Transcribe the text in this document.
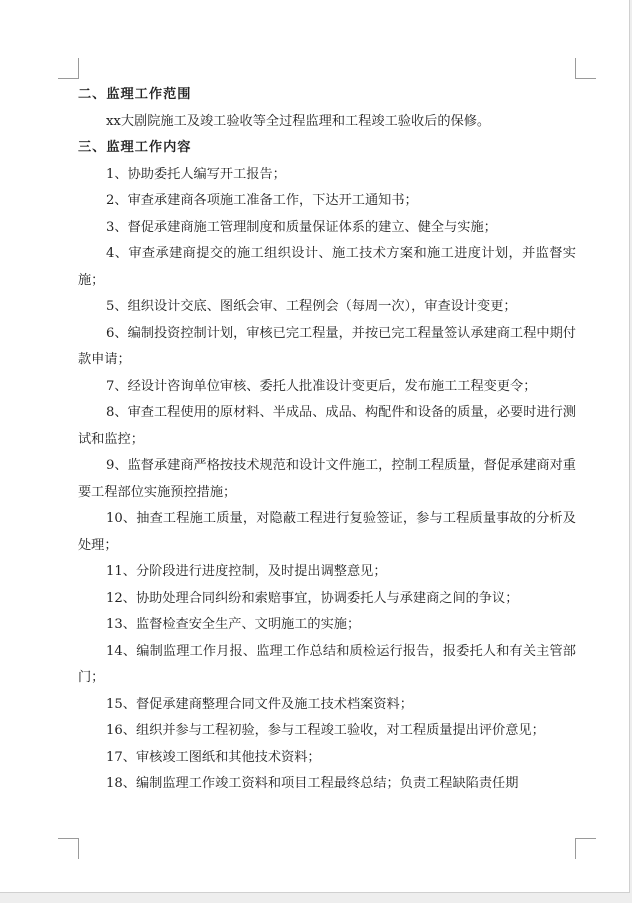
二、监理工作范围

xx大剧院施工及竣工验收等全过程监理和工程竣工验收后的保修。

三、监理工作内容

1、协助委托人编写开工报告；

2、审查承建商各项施工准备工作，下达开工通知书；

3、督促承建商施工管理制度和质量保证体系的建立、健全与实施；

4、审查承建商提交的施工组织设计、施工技术方案和施工进度计划，并监督实施；

5、组织设计交底、图纸会审、工程例会（每周一次），审查设计变更；

6、编制投资控制计划，审核已完工程量，并按已完工程量签认承建商工程中期付款申请；

7、经设计咨询单位审核、委托人批准设计变更后，发布施工工程变更令；

8、审查工程使用的原材料、半成品、成品、构配件和设备的质量，必要时进行测试和监控；

9、监督承建商严格按技术规范和设计文件施工，控制工程质量，督促承建商对重要工程部位实施预控措施；

10、抽查工程施工质量，对隐蔽工程进行复验签证，参与工程质量事故的分析及处理；

11、分阶段进行进度控制，及时提出调整意见；

12、协助处理合同纠纷和索赔事宜，协调委托人与承建商之间的争议；

13、监督检查安全生产、文明施工的实施；

14、编制监理工作月报、监理工作总结和质检运行报告，报委托人和有关主管部门；

15、督促承建商整理合同文件及施工技术档案资料；

16、组织并参与工程初验，参与工程竣工验收，对工程质量提出评价意见；

17、审核竣工图纸和其他技术资料；

18、编制监理工作竣工资料和项目工程最终总结；负责工程缺陷责任期
